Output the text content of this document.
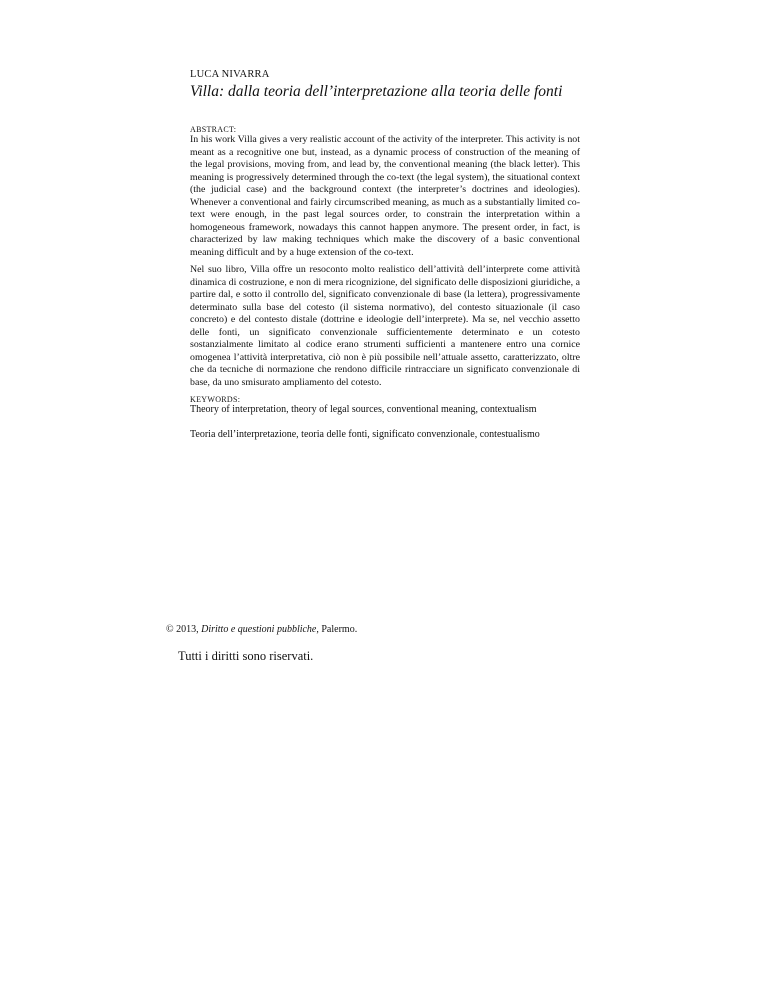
LUCA NIVARRA
Villa: dalla teoria dell’interpretazione alla teoria delle fonti
ABSTRACT:
In his work Villa gives a very realistic account of the activity of the interpreter. This activity is not meant as a recognitive one but, instead, as a dynamic process of construction of the meaning of the legal provisions, moving from, and lead by, the conventional meaning (the black letter). This meaning is progressively determined through the co-text (the legal system), the situational context (the judicial case) and the background context (the interpreter’s doctrines and ideologies). Whenever a conventional and fairly circumscribed meaning, as much as a substantially limited co-text were enough, in the past legal sources order, to constrain the interpretation within a homogeneous framework, nowadays this cannot happen anymore. The present order, in fact, is characterized by law making techniques which make the discovery of a basic conventional meaning difficult and by a huge extension of the co-text.
Nel suo libro, Villa offre un resoconto molto realistico dell’attività dell’interprete come attività dinamica di costruzione, e non di mera ricognizione, del significato delle disposizioni giuridiche, a partire dal, e sotto il controllo del, significato convenzionale di base (la lettera), progressivamente determinato sulla base del cotesto (il sistema normativo), del contesto situazionale (il caso concreto) e del contesto distale (dottrine e ideologie dell’interprete). Ma se, nel vecchio assetto delle fonti, un significato convenzionale sufficientemente determinato e un cotesto sostanzialmente limitato al codice erano strumenti sufficienti a mantenere entro una cornice omogenea l’attività interpretativa, ciò non è più possibile nell’attuale assetto, caratterizzato, oltre che da tecniche di normazione che rendono difficile rintracciare un significato convenzionale di base, da uno smisurato ampliamento del cotesto.
KEYWORDS:
Theory of interpretation, theory of legal sources, conventional meaning, contextualism
Teoria dell’interpretazione, teoria delle fonti, significato convenzionale, contestualismo
© 2013, Diritto e questioni pubbliche, Palermo.
Tutti i diritti sono riservati.
